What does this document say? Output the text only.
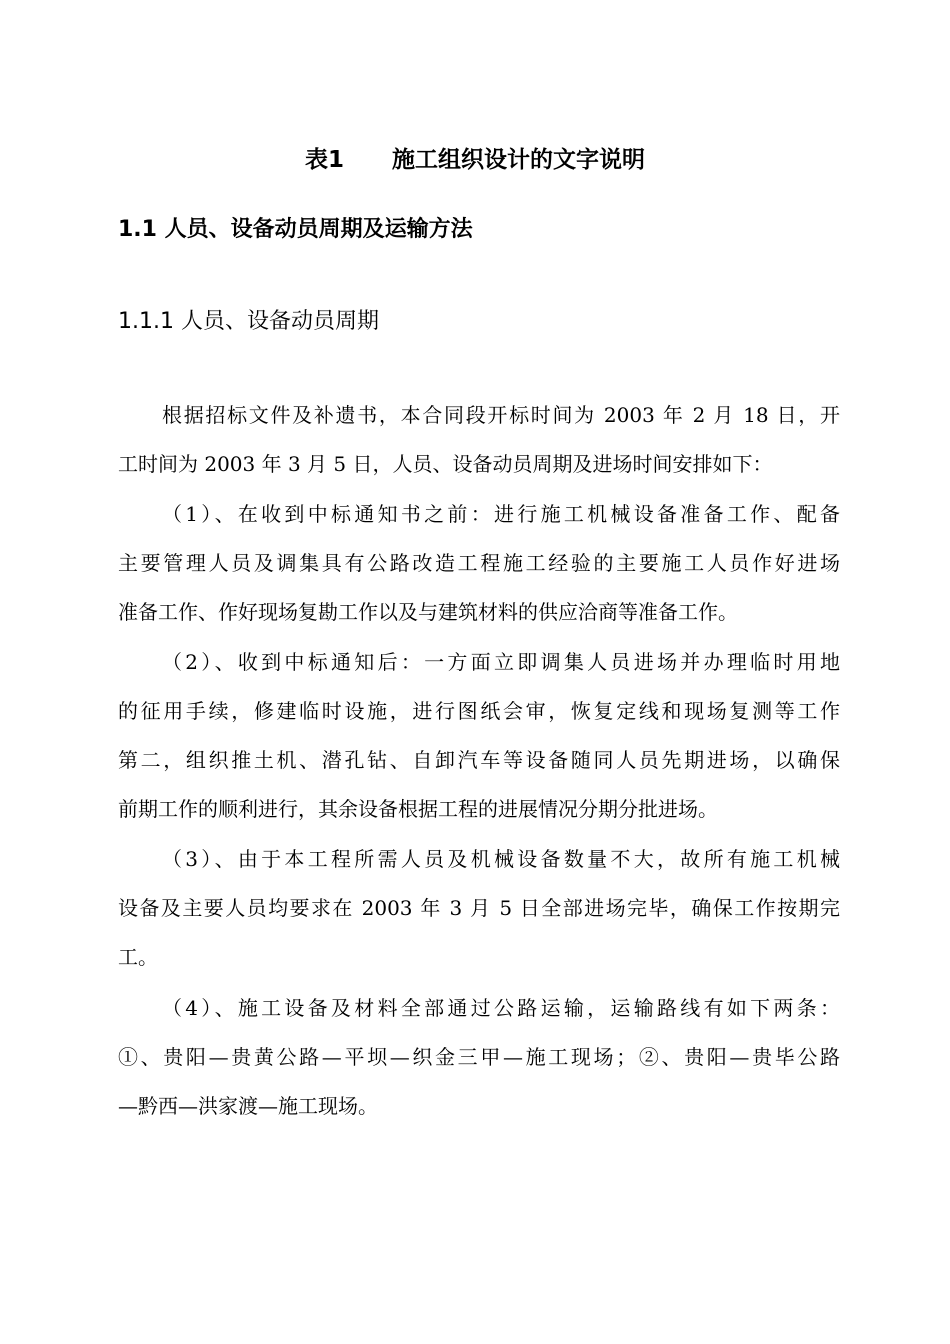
表1      施工组织设计的文字说明
1.1 人员、设备动员周期及运输方法
1.1.1 人员、设备动员周期
根据招标文件及补遗书，本合同段开标时间为 2003 年 2 月 18 日，开
工时间为 2003 年 3 月 5 日，人员、设备动员周期及进场时间安排如下：
（1）、在收到中标通知书之前：进行施工机械设备准备工作、配备
主要管理人员及调集具有公路改造工程施工经验的主要施工人员作好进场
准备工作、作好现场复勘工作以及与建筑材料的供应洽商等准备工作。
（2）、收到中标通知后：一方面立即调集人员进场并办理临时用地
的征用手续，修建临时设施，进行图纸会审，恢复定线和现场复测等工作
第二，组织推土机、潜孔钻、自卸汽车等设备随同人员先期进场，以确保
前期工作的顺利进行，其余设备根据工程的进展情况分期分批进场。
（3）、由于本工程所需人员及机械设备数量不大，故所有施工机械
设备及主要人员均要求在 2003 年 3 月 5 日全部进场完毕，确保工作按期完
工。
（4）、施工设备及材料全部通过公路运输，运输路线有如下两条：
①、贵阳—贵黄公路—平坝—织金三甲—施工现场；②、贵阳—贵毕公路
—黔西—洪家渡—施工现场。
